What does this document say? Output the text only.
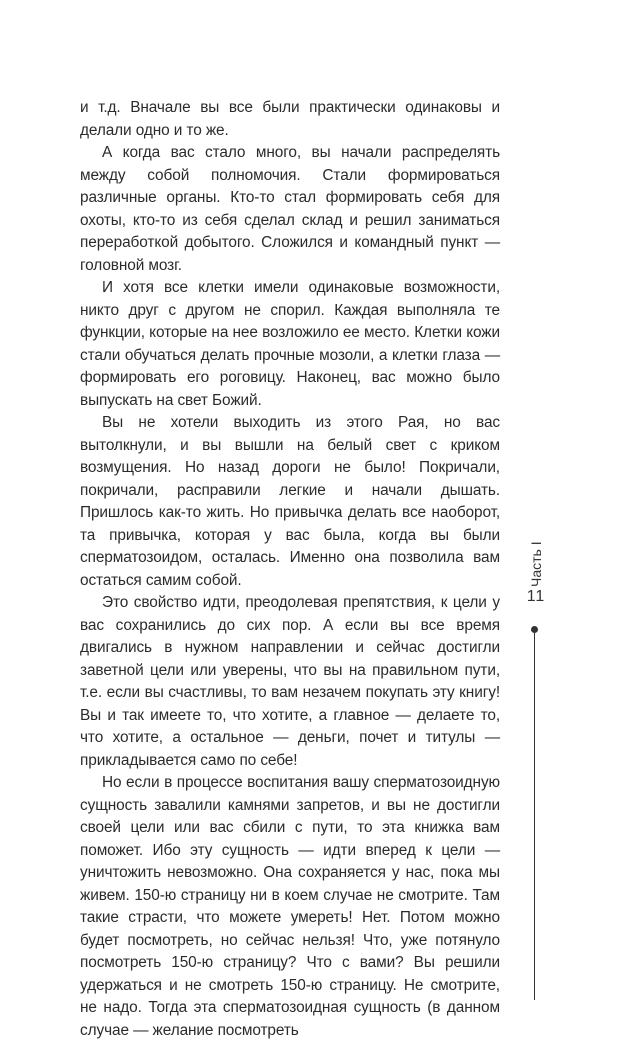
и т.д. Вначале вы все были практически одинаковы и делали одно и то же.

А когда вас стало много, вы начали распределять между собой полномочия. Стали формироваться различные органы. Кто-то стал формировать себя для охоты, кто-то из себя сделал склад и решил заниматься переработкой добытого. Сложился и командный пункт — головной мозг.

И хотя все клетки имели одинаковые возможности, никто друг с другом не спорил. Каждая выполняла те функции, которые на нее возложило ее место. Клетки кожи стали обучаться делать прочные мозоли, а клетки глаза — формировать его роговицу. Наконец, вас можно было выпускать на свет Божий.

Вы не хотели выходить из этого Рая, но вас вытолкнули, и вы вышли на белый свет с криком возмущения. Но назад дороги не было! Покричали, покричали, расправили легкие и начали дышать. Пришлось как-то жить. Но привычка делать все наоборот, та привычка, которая у вас была, когда вы были сперматозоидом, осталась. Именно она позволила вам остаться самим собой.

Это свойство идти, преодолевая препятствия, к цели у вас сохранились до сих пор. А если вы все время двигались в нужном направлении и сейчас достигли заветной цели или уверены, что вы на правильном пути, т.е. если вы счастливы, то вам незачем покупать эту книгу! Вы и так имеете то, что хотите, а главное — делаете то, что хотите, а остальное — деньги, почет и титулы — прикладывается само по себе!

Но если в процессе воспитания вашу сперматозоидную сущность завалили камнями запретов, и вы не достигли своей цели или вас сбили с пути, то эта книжка вам поможет. Ибо эту сущность — идти вперед к цели — уничтожить невозможно. Она сохраняется у нас, пока мы живем. 150-ю страницу ни в коем случае не смотрите. Там такие страсти, что можете умереть! Нет. Потом можно будет посмотреть, но сейчас нельзя! Что, уже потянуло посмотреть 150-ю страницу? Что с вами? Вы решили удержаться и не смотреть 150-ю страницу. Не смотрите, не надо. Тогда эта сперматозоидная сущность (в данном случае — желание посмотреть

Часть I
11
